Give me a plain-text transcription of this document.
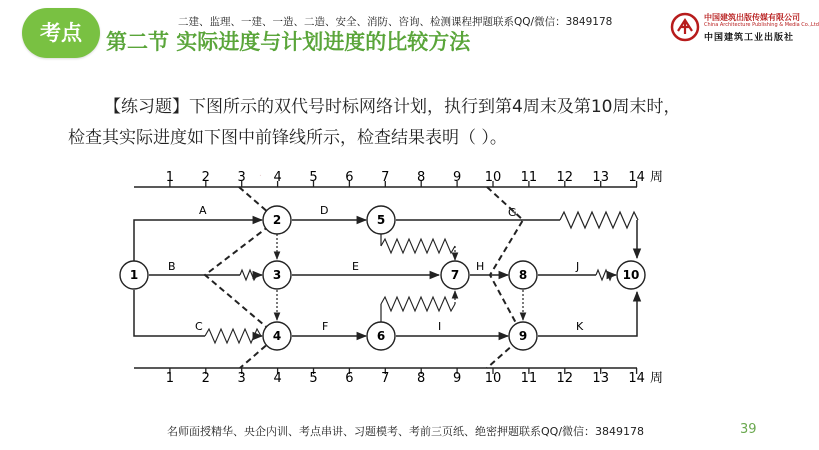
考点	二建、监理、一建、一造、二造、安全、消防、咨询、检测课程押题联系QQ/微信：3849178
第二节 实际进度与计划进度的比较方法
中国建筑出版传媒有限公司
China Architecture Publishing & Media Co.,Ltd
中国建筑工业出版社
【练习题】下图所示的双代号时标网络计划，执行到第4周末及第10周末时，
检查其实际进度如下图中前锋线所示，检查结果表明（ ）。
1 2 3 4 5 6 7 8 9 10 11 12 13 14 周
1 2 3 4 5 6 7 8 9 10 11 12 13 14 周
A	D	G
B	E	H	J
C	F	I	K
1
2
3
4
5
6
7	8
9
10
·
名师面授精华、央企内训、考点串讲、习题模考、考前三页纸、绝密押题联系QQ/微信：3849178	39
